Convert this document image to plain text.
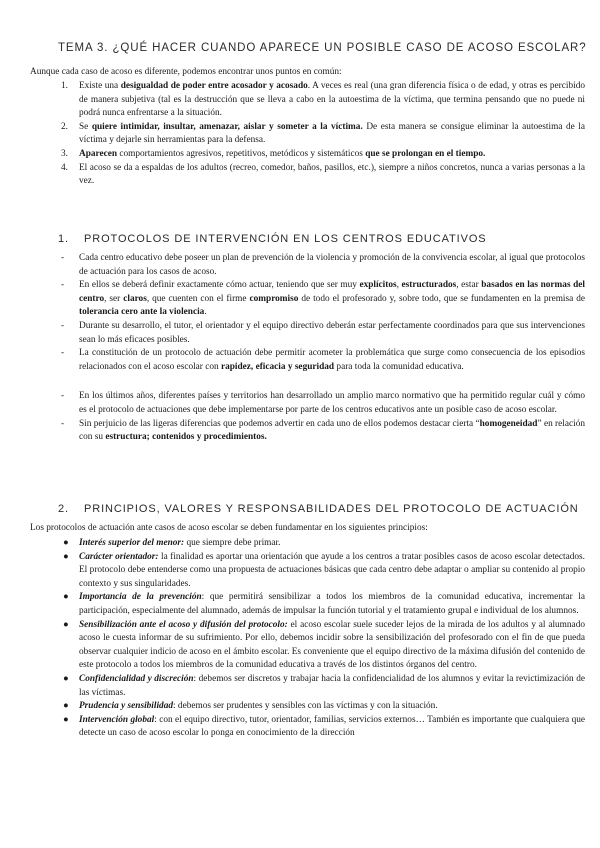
TEMA 3. ¿QUÉ HACER CUANDO APARECE UN POSIBLE CASO DE ACOSO ESCOLAR?
Aunque cada caso de acoso es diferente, podemos encontrar unos puntos en común:
1. Existe una desigualdad de poder entre acosador y acosado. A veces es real (una gran diferencia física o de edad, y otras es percibido de manera subjetiva (tal es la destrucción que se lleva a cabo en la autoestima de la víctima, que termina pensando que no puede ni podrá nunca enfrentarse a la situación.
2. Se quiere intimidar, insultar, amenazar, aislar y someter a la víctima. De esta manera se consigue eliminar la autoestima de la víctima y dejarle sin herramientas para la defensa.
3. Aparecen comportamientos agresivos, repetitivos, metódicos y sistemáticos que se prolongan en el tiempo.
4. El acoso se da a espaldas de los adultos (recreo, comedor, baños, pasillos, etc.), siempre a niños concretos, nunca a varias personas a la vez.
1. PROTOCOLOS DE INTERVENCIÓN EN LOS CENTROS EDUCATIVOS
- Cada centro educativo debe poseer un plan de prevención de la violencia y promoción de la convivencia escolar, al igual que protocolos de actuación para los casos de acoso.
- En ellos se deberá definir exactamente cómo actuar, teniendo que ser muy explícitos, estructurados, estar basados en las normas del centro, ser claros, que cuenten con el firme compromiso de todo el profesorado y, sobre todo, que se fundamenten en la premisa de tolerancia cero ante la violencia.
- Durante su desarrollo, el tutor, el orientador y el equipo directivo deberán estar perfectamente coordinados para que sus intervenciones sean lo más eficaces posibles.
- La constitución de un protocolo de actuación debe permitir acometer la problemática que surge como consecuencia de los episodios relacionados con el acoso escolar con rapidez, eficacia y seguridad para toda la comunidad educativa.
- En los últimos años, diferentes países y territorios han desarrollado un amplio marco normativo que ha permitido regular cuál y cómo es el protocolo de actuaciones que debe implementarse por parte de los centros educativos ante un posible caso de acoso escolar.
- Sin perjuicio de las ligeras diferencias que podemos advertir en cada uno de ellos podemos destacar cierta “homogeneidad” en relación con su estructura; contenidos y procedimientos.
2. PRINCIPIOS, VALORES Y RESPONSABILIDADES DEL PROTOCOLO DE ACTUACIÓN
Los protocolos de actuación ante casos de acoso escolar se deben fundamentar en los siguientes principios:
● Interés superior del menor: que siempre debe primar.
● Carácter orientador: la finalidad es aportar una orientación que ayude a los centros a tratar posibles casos de acoso escolar detectados. El protocolo debe entenderse como una propuesta de actuaciones básicas que cada centro debe adaptar o ampliar su contenido al propio contexto y sus singularidades.
● Importancia de la prevención: que permitirá sensibilizar a todos los miembros de la comunidad educativa, incrementar la participación, especialmente del alumnado, además de impulsar la función tutorial y el tratamiento grupal e individual de los alumnos.
● Sensibilización ante el acoso y difusión del protocolo: el acoso escolar suele suceder lejos de la mirada de los adultos y al alumnado acoso le cuesta informar de su sufrimiento. Por ello, debemos incidir sobre la sensibilización del profesorado con el fin de que pueda observar cualquier indicio de acoso en el ámbito escolar. Es conveniente que el equipo directivo de la máxima difusión del contenido de este protocolo a todos los miembros de la comunidad educativa a través de los distintos órganos del centro.
● Confidencialidad y discreción: debemos ser discretos y trabajar hacia la confidencialidad de los alumnos y evitar la revictimización de las víctimas.
● Prudencia y sensibilidad: debemos ser prudentes y sensibles con las víctimas y con la situación.
● Intervención global: con el equipo directivo, tutor, orientador, familias, servicios externos… También es importante que cualquiera que detecte un caso de acoso escolar lo ponga en conocimiento de la dirección
